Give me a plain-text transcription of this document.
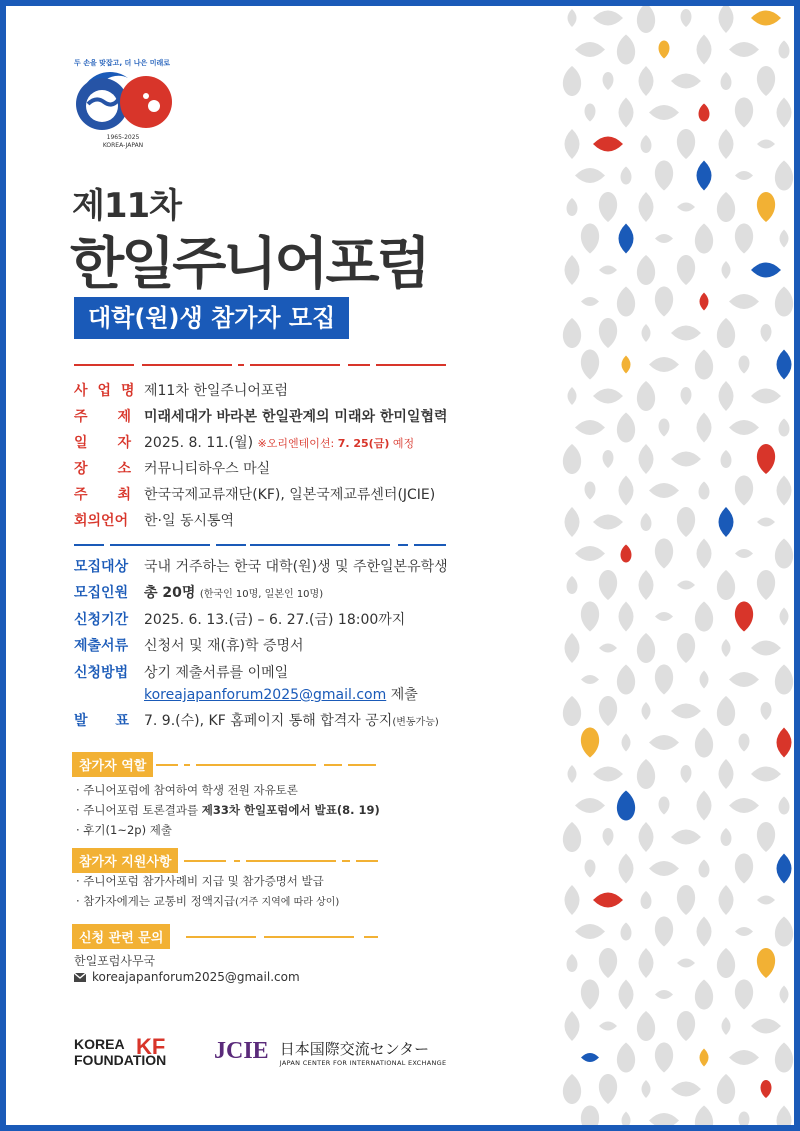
두 손을 맞잡고, 더 나은 미래로
1965-2025
KOREA-JAPAN
제11차
한일주니어포럼
대학(원)생 참가자 모집
사업명제11차 한일주니어포럼
주제미래세대가 바라본 한일관계의 미래와 한미일협력
일자2025. 8. 11.(월) ※오리엔테이션: 7. 25(금) 예정
장소커뮤니티하우스 마실
주최한국국제교류재단(KF), 일본국제교류센터(JCIE)
회의언어 한·일 동시통역
모집대상 국내 거주하는 한국 대학(원)생 및 주한일본유학생
모집인원 총 20명 (한국인 10명, 일본인 10명)
신청기간 2025. 6. 13.(금) – 6. 27.(금) 18:00까지
제출서류 신청서 및 재(휴)학 증명서
신청방법 상기 제출서류를 이메일
koreajapanforum2025@gmail.com 제출
발표7. 9.(수), KF 홈페이지 통해 합격자 공지(변동가능)
참가자 역할
· 주니어포럼에 참여하여 학생 전원 자유토론
· 주니어포럼 토론결과를 제33차 한일포럼에서 발표(8. 19)
· 후기(1~2p) 제출
참가자 지원사항
· 주니어포럼 참가사례비 지급 및 참가증명서 발급
· 참가자에게는 교통비 정액지급(거주 지역에 따라 상이)
신청 관련 문의
한일포럼사무국
koreajapanforum2025@gmail.com
KOREA
FOUNDATION
KF JCIE 日本国際交流センター
JAPAN CENTER FOR INTERNATIONAL EXCHANGE
